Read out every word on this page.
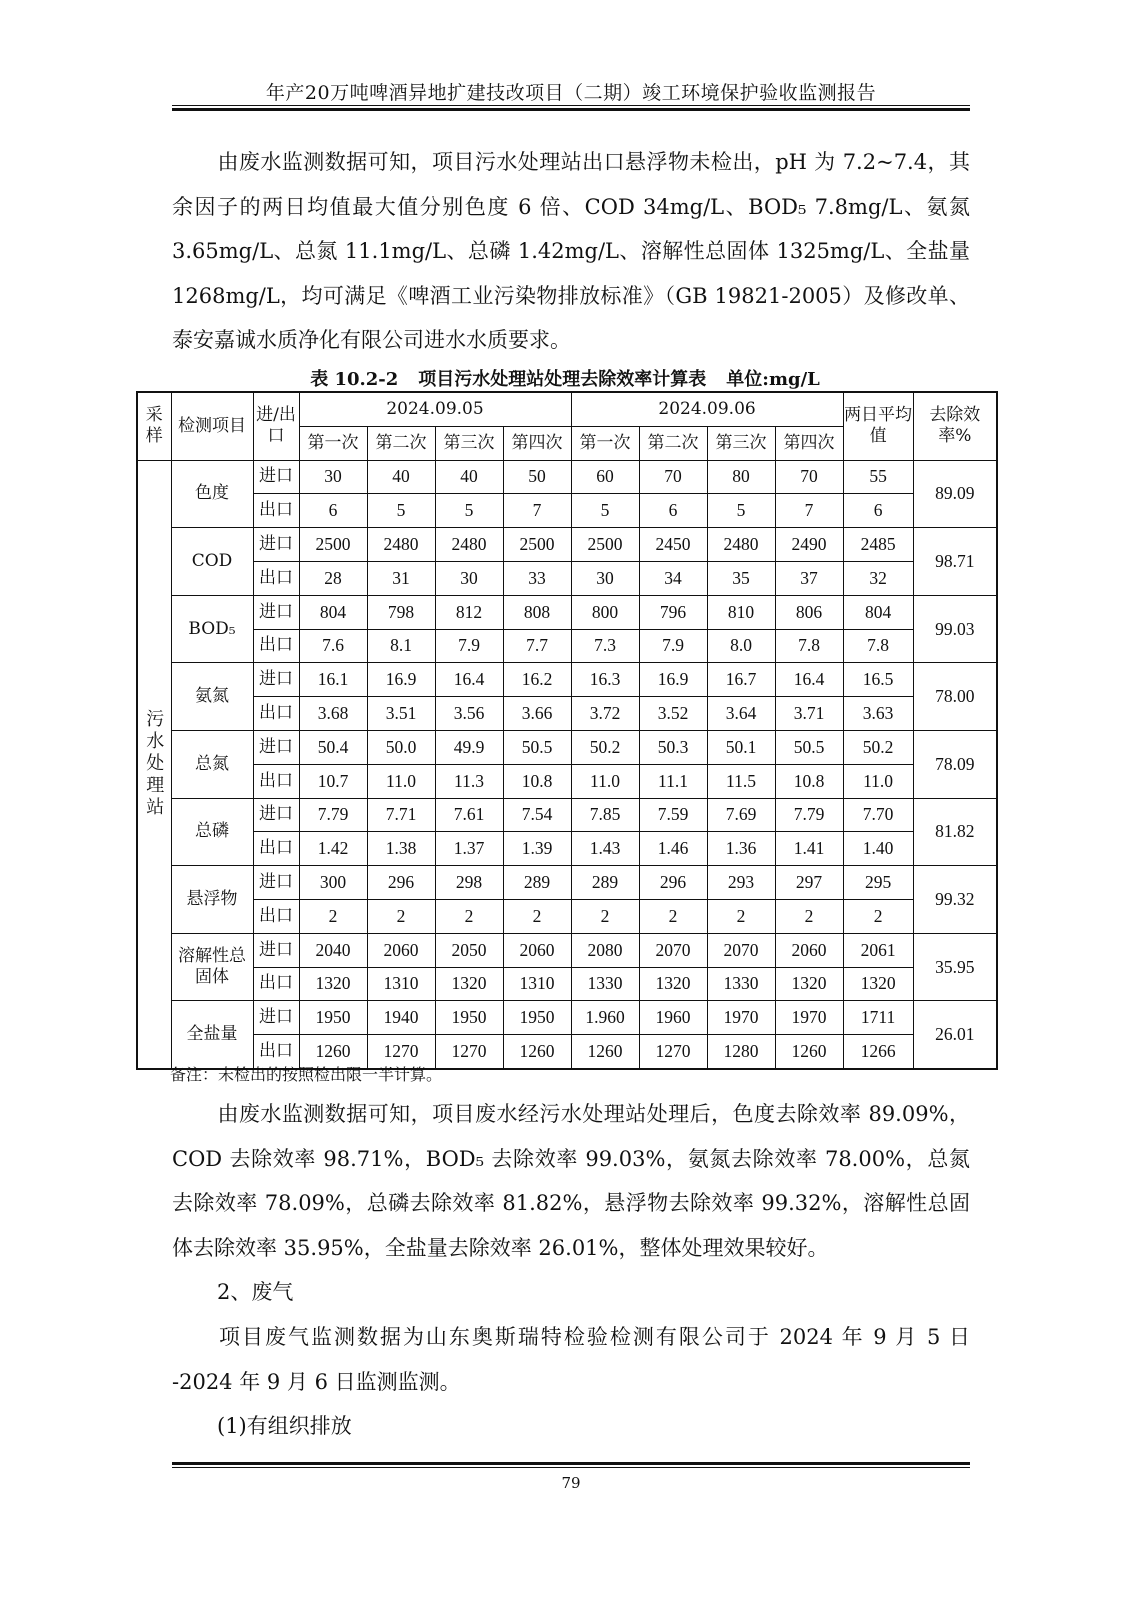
年产20万吨啤酒异地扩建技改项目（二期）竣工环境保护验收监测报告
由废水监测数据可知，项目污水处理站出口悬浮物未检出，pH 为 7.2~7.4，其余因子的两日均值最大值分别色度 6 倍、COD 34mg/L、BOD₅ 7.8mg/L、氨氮 3.65mg/L、总氮 11.1mg/L、总磷 1.42mg/L、溶解性总固体 1325mg/L、全盐量 1268mg/L，均可满足《啤酒工业污染物排放标准》（GB 19821-2005）及修改单、泰安嘉诚水质净化有限公司进水水质要求。
表 10.2-2 项目污水处理站处理去除效率计算表 单位:mg/L
采样	检测项目	进/出口	2024.09.05				2024.09.06				两日平均值	去除效率%
			第一次	第二次	第三次	第四次	第一次	第二次	第三次	第四次		
污水处理站	色度	进口	30	40	40	50	60	70	80	70	55	89.09
		出口	6	5	5	7	5	6	5	7	6	
	COD	进口	2500	2480	2480	2500	2500	2450	2480	2490	2485	98.71
		出口	28	31	30	33	30	34	35	37	32	
	BOD₅	进口	804	798	812	808	800	796	810	806	804	99.03
		出口	7.6	8.1	7.9	7.7	7.3	7.9	8.0	7.8	7.8	
	氨氮	进口	16.1	16.9	16.4	16.2	16.3	16.9	16.7	16.4	16.5	78.00
		出口	3.68	3.51	3.56	3.66	3.72	3.52	3.64	3.71	3.63	
	总氮	进口	50.4	50.0	49.9	50.5	50.2	50.3	50.1	50.5	50.2	78.09
		出口	10.7	11.0	11.3	10.8	11.0	11.1	11.5	10.8	11.0	
	总磷	进口	7.79	7.71	7.61	7.54	7.85	7.59	7.69	7.79	7.70	81.82
		出口	1.42	1.38	1.37	1.39	1.43	1.46	1.36	1.41	1.40	
	悬浮物	进口	300	296	298	289	289	296	293	297	295	99.32
		出口	2	2	2	2	2	2	2	2	2	
	溶解性总固体	进口	2040	2060	2050	2060	2080	2070	2070	2060	2061	35.95
		出口	1320	1310	1320	1310	1330	1320	1330	1320	1320	
	全盐量	进口	1950	1940	1950	1950	1.960	1960	1970	1970	1711	26.01
		出口	1260	1270	1270	1260	1260	1270	1280	1260	1266	
备注：未检出的按照检出限一半计算。
由废水监测数据可知，项目废水经污水处理站处理后，色度去除效率 89.09%，COD 去除效率 98.71%，BOD₅ 去除效率 99.03%，氨氮去除效率 78.00%，总氮去除效率 78.09%，总磷去除效率 81.82%，悬浮物去除效率 99.32%，溶解性总固体去除效率 35.95%，全盐量去除效率 26.01%，整体处理效果较好。
2、废气
项目废气监测数据为山东奥斯瑞特检验检测有限公司于 2024 年 9 月 5 日 -2024 年 9 月 6 日监测监测。
(1)有组织排放
79
